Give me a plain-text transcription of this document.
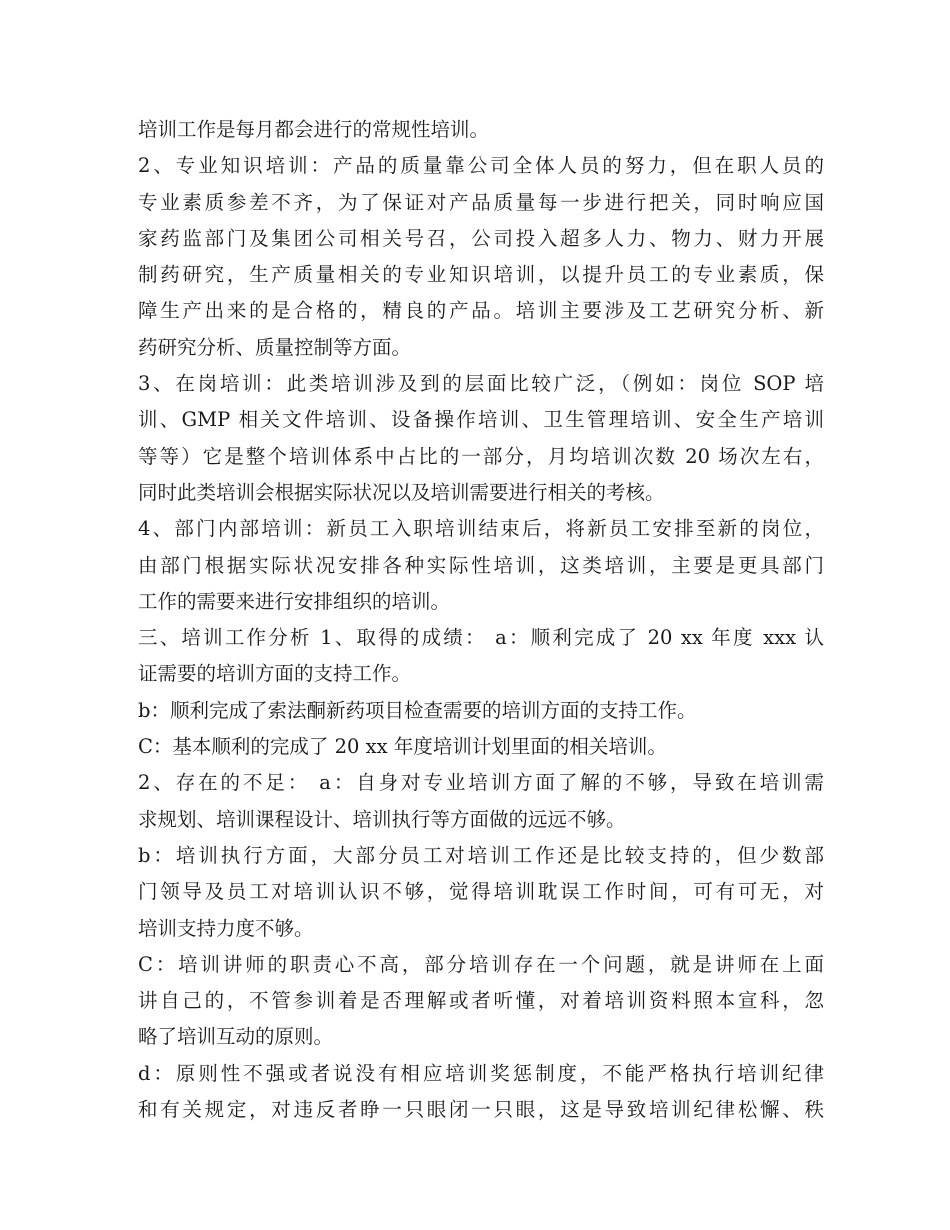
培训工作是每月都会进行的常规性培训。
2、专业知识培训：产品的质量靠公司全体人员的努力，但在职人员的
专业素质参差不齐，为了保证对产品质量每一步进行把关，同时响应国
家药监部门及集团公司相关号召，公司投入超多人力、物力、财力开展
制药研究，生产质量相关的专业知识培训，以提升员工的专业素质，保
障生产出来的是合格的，精良的产品。培训主要涉及工艺研究分析、新
药研究分析、质量控制等方面。
3、在岗培训：此类培训涉及到的层面比较广泛，（例如：岗位 SOP 培
训、GMP 相关文件培训、设备操作培训、卫生管理培训、安全生产培训
等等）它是整个培训体系中占比的一部分，月均培训次数 20 场次左右，
同时此类培训会根据实际状况以及培训需要进行相关的考核。
4、部门内部培训：新员工入职培训结束后，将新员工安排至新的岗位，
由部门根据实际状况安排各种实际性培训，这类培训，主要是更具部门
工作的需要来进行安排组织的培训。
三、培训工作分析 1、取得的成绩： a：顺利完成了 20 xx 年度 xxx 认
证需要的培训方面的支持工作。
b：顺利完成了索法酮新药项目检查需要的培训方面的支持工作。
C：基本顺利的完成了 20 xx 年度培训计划里面的相关培训。
2、存在的不足： a：自身对专业培训方面了解的不够，导致在培训需
求规划、培训课程设计、培训执行等方面做的远远不够。
b：培训执行方面，大部分员工对培训工作还是比较支持的，但少数部
门领导及员工对培训认识不够，觉得培训耽误工作时间，可有可无，对
培训支持力度不够。
C：培训讲师的职责心不高，部分培训存在一个问题，就是讲师在上面
讲自己的，不管参训着是否理解或者听懂，对着培训资料照本宣科，忽
略了培训互动的原则。
d：原则性不强或者说没有相应培训奖惩制度，不能严格执行培训纪律
和有关规定，对违反者睁一只眼闭一只眼，这是导致培训纪律松懈、秩
